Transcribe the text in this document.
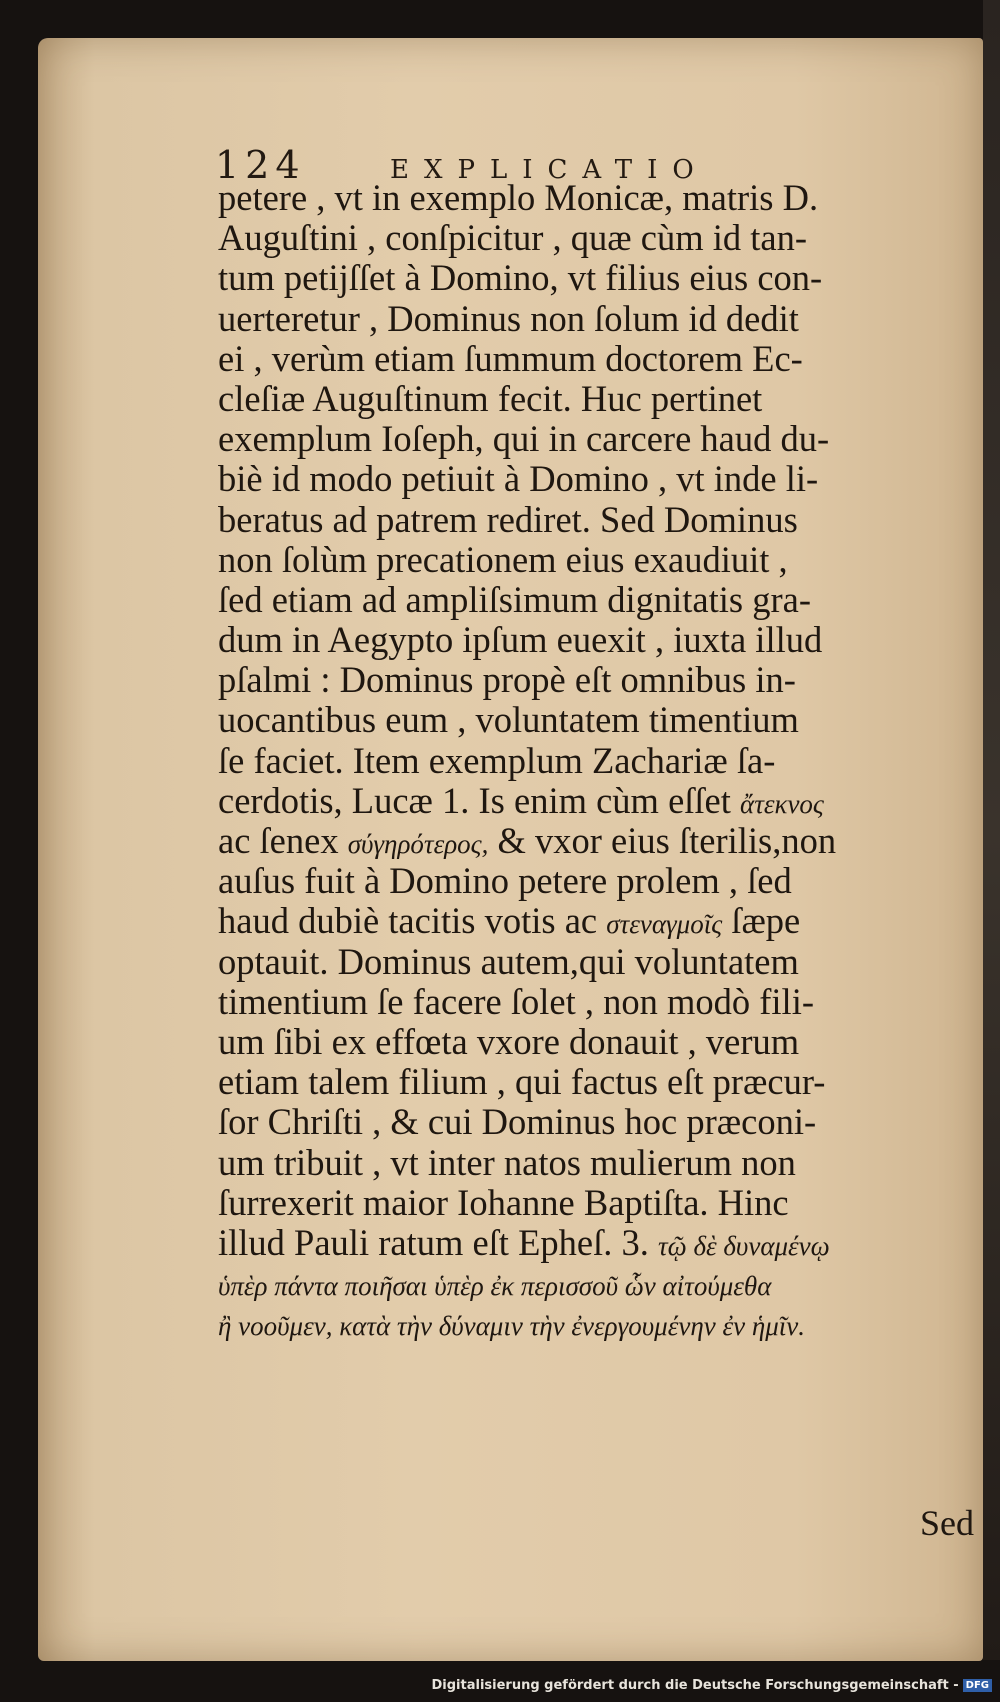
124	EXPLICATIO
petere , vt in exemplo Monicæ, matris D.
Auguſtini , conſpicitur , quæ cùm id tan-
tum petijſſet à Domino, vt filius eius con-
uerteretur , Dominus non ſolum id dedit
ei , verùm etiam ſummum doctorem Ec-
cleſiæ Auguſtinum fecit. Huc pertinet
exemplum Ioſeph, qui in carcere haud du-
biè id modo petiuit à Domino , vt inde li-
beratus ad patrem rediret. Sed Dominus
non ſolùm precationem eius exaudiuit ,
ſed etiam ad ampliſsimum dignitatis gra-
dum in Aegypto ipſum euexit , iuxta illud
pſalmi : Dominus propè eſt omnibus in-
uocantibus eum , voluntatem timentium
ſe faciet. Item exemplum Zachariæ ſa-
cerdotis, Lucæ 1. Is enim cùm eſſet ἄτεκνος
ac ſenex σύγηρότερος, & vxor eius ſterilis,non
auſus fuit à Domino petere prolem , ſed
haud dubiè tacitis votis ac στεναγμοῖς ſæpe
optauit. Dominus autem,qui voluntatem
timentium ſe facere ſolet , non modò fili-
um ſibi ex effœta vxore donauit , verum
etiam talem filium , qui factus eſt præcur-
ſor Chriſti , & cui Dominus hoc præconi-
um tribuit , vt inter natos mulierum non
ſurrexerit maior Iohanne Baptiſta. Hinc
illud Pauli ratum eſt Epheſ. 3. τῷ δὲ δυναμένῳ
ὑπὲρ πάντα ποιῆσαι ὑπὲρ ἐκ περισσοῦ ὧν αἰτούμεθα
ἢ νοοῦμεν, κατὰ τὴν δύναμιν τὴν ἐνεργουμένην ἐν ἡμῖν.
Sed
Digitalisierung gefördert durch die Deutsche Forschungsgemeinschaft - DFG
